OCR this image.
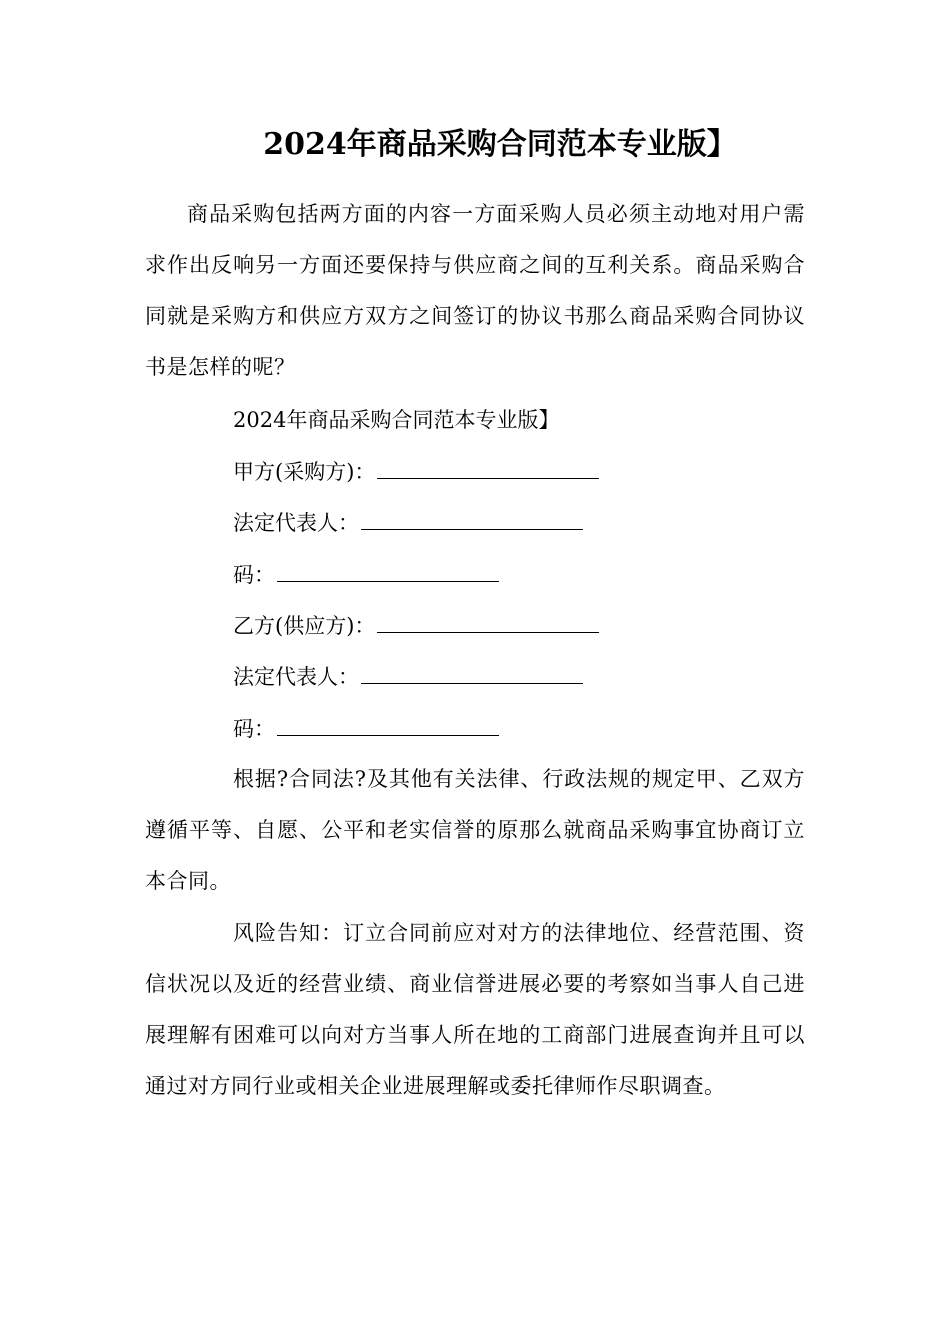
2024年商品采购合同范本专业版】
商品采购包括两方面的内容一方面采购人员必须主动地对用户需求作出反响另一方面还要保持与供应商之间的互利关系。商品采购合同就是采购方和供应方双方之间签订的协议书那么商品采购合同协议书是怎样的呢？
2024年商品采购合同范本专业版】
甲方(采购方)：
法定代表人：
码：
乙方(供应方)：
法定代表人：
码：
根据?合同法?及其他有关法律、行政法规的规定甲、乙双方遵循平等、自愿、公平和老实信誉的原那么就商品采购事宜协商订立本合同。
风险告知：订立合同前应对对方的法律地位、经营范围、资信状况以及近的经营业绩、商业信誉进展必要的考察如当事人自己进展理解有困难可以向对方当事人所在地的工商部门进展查询并且可以通过对方同行业或相关企业进展理解或委托律师作尽职调查。
